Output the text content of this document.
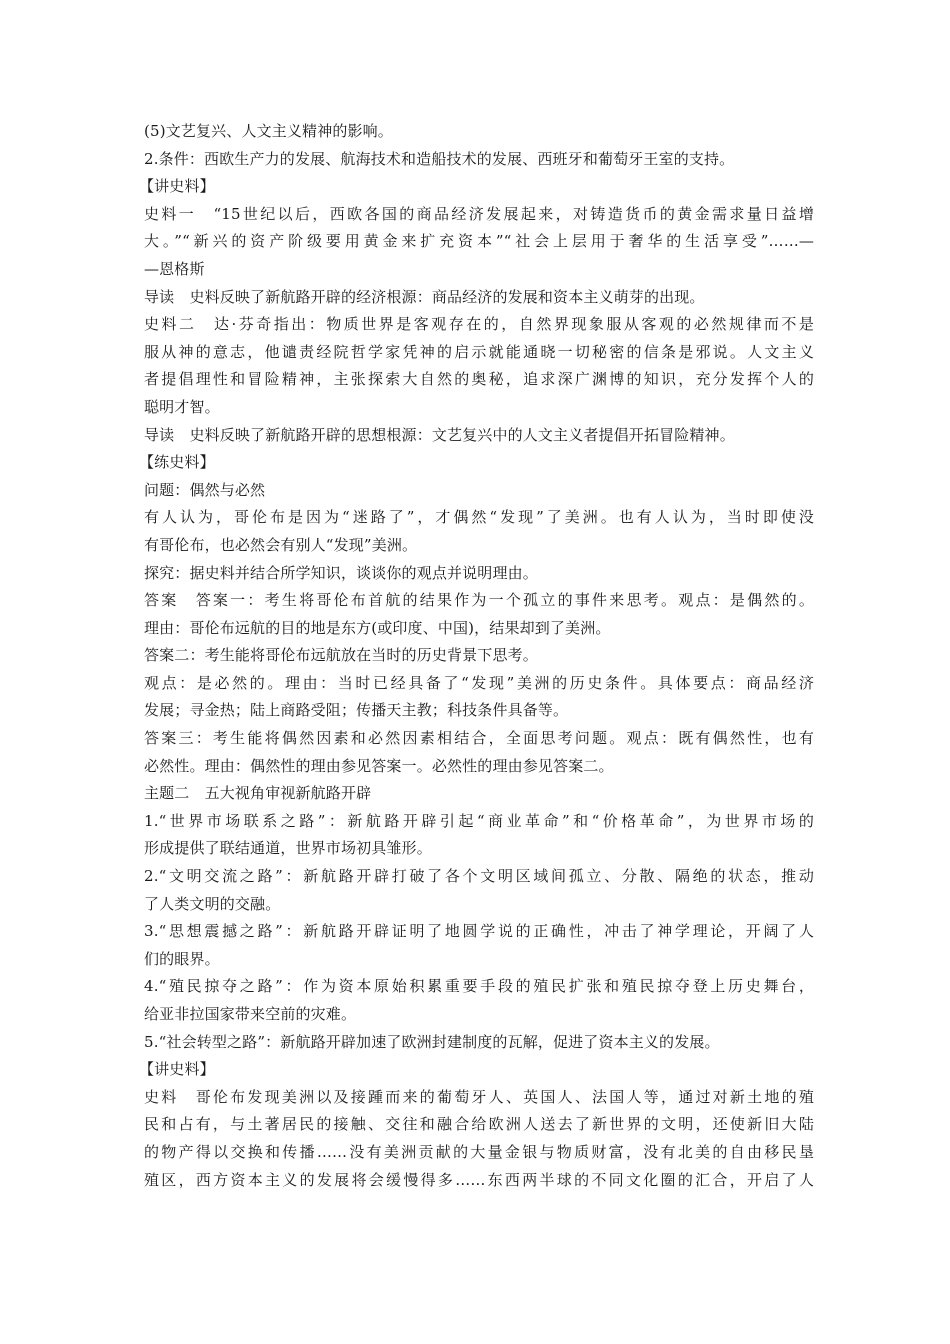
(5)文艺复兴、人文主义精神的影响。
2.条件：西欧生产力的发展、航海技术和造船技术的发展、西班牙和葡萄牙王室的支持。
【讲史料】
史料一　“15世纪以后，西欧各国的商品经济发展起来，对铸造货币的黄金需求量日益增
大。”“新兴的资产阶级要用黄金来扩充资本”“社会上层用于奢华的生活享受”……—
—恩格斯
导读　史料反映了新航路开辟的经济根源：商品经济的发展和资本主义萌芽的出现。
史料二　达·芬奇指出：物质世界是客观存在的，自然界现象服从客观的必然规律而不是
服从神的意志，他谴责经院哲学家凭神的启示就能通晓一切秘密的信条是邪说。人文主义
者提倡理性和冒险精神，主张探索大自然的奥秘，追求深广渊博的知识，充分发挥个人的
聪明才智。
导读　史料反映了新航路开辟的思想根源：文艺复兴中的人文主义者提倡开拓冒险精神。
【练史料】
问题：偶然与必然
有人认为，哥伦布是因为“迷路了”，才偶然“发现”了美洲。也有人认为，当时即使没
有哥伦布，也必然会有别人“发现”美洲。
探究：据史料并结合所学知识，谈谈你的观点并说明理由。
答案　答案一：考生将哥伦布首航的结果作为一个孤立的事件来思考。观点：是偶然的。
理由：哥伦布远航的目的地是东方(或印度、中国)，结果却到了美洲。
答案二：考生能将哥伦布远航放在当时的历史背景下思考。
观点：是必然的。理由：当时已经具备了“发现”美洲的历史条件。具体要点：商品经济
发展；寻金热；陆上商路受阻；传播天主教；科技条件具备等。
答案三：考生能将偶然因素和必然因素相结合，全面思考问题。观点：既有偶然性，也有
必然性。理由：偶然性的理由参见答案一。必然性的理由参见答案二。
主题二　五大视角审视新航路开辟
1.“世界市场联系之路”：新航路开辟引起“商业革命”和“价格革命”，为世界市场的
形成提供了联结通道，世界市场初具雏形。
2.“文明交流之路”：新航路开辟打破了各个文明区域间孤立、分散、隔绝的状态，推动
了人类文明的交融。
3.“思想震撼之路”：新航路开辟证明了地圆学说的正确性，冲击了神学理论，开阔了人
们的眼界。
4.“殖民掠夺之路”：作为资本原始积累重要手段的殖民扩张和殖民掠夺登上历史舞台，
给亚非拉国家带来空前的灾难。
5.“社会转型之路”：新航路开辟加速了欧洲封建制度的瓦解，促进了资本主义的发展。
【讲史料】
史料　哥伦布发现美洲以及接踵而来的葡萄牙人、英国人、法国人等，通过对新土地的殖
民和占有，与土著居民的接触、交往和融合给欧洲人送去了新世界的文明，还使新旧大陆
的物产得以交换和传播……没有美洲贡献的大量金银与物质财富，没有北美的自由移民垦
殖区，西方资本主义的发展将会缓慢得多……东西两半球的不同文化圈的汇合，开启了人
